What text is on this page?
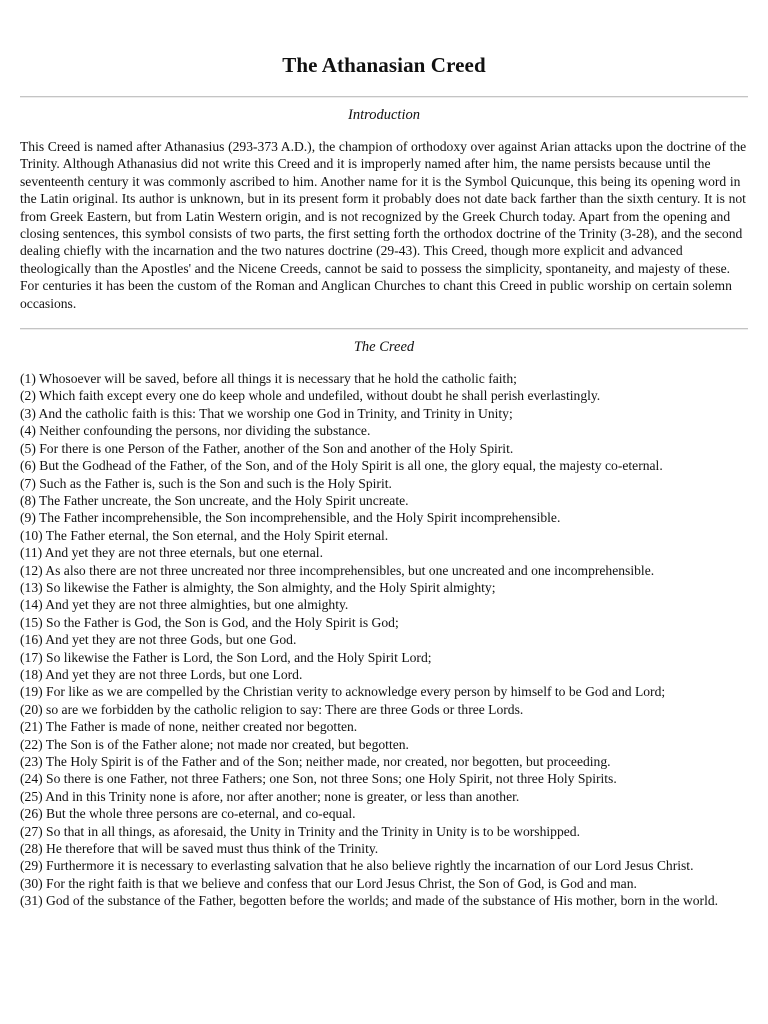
The Athanasian Creed
Introduction

This Creed is named after Athanasius (293-373 A.D.), the champion of orthodoxy over against Arian attacks upon the doctrine of the Trinity. Although Athanasius did not write this Creed and it is improperly named after him, the name persists because until the seventeenth century it was commonly ascribed to him. Another name for it is the Symbol Quicunque, this being its opening word in the Latin original. Its author is unknown, but in its present form it probably does not date back farther than the sixth century. It is not from Greek Eastern, but from Latin Western origin, and is not recognized by the Greek Church today. Apart from the opening and closing sentences, this symbol consists of two parts, the first setting forth the orthodox doctrine of the Trinity (3-28), and the second dealing chiefly with the incarnation and the two natures doctrine (29-43). This Creed, though more explicit and advanced theologically than the Apostles' and the Nicene Creeds, cannot be said to possess the simplicity, spontaneity, and majesty of these. For centuries it has been the custom of the Roman and Anglican Churches to chant this Creed in public worship on certain solemn occasions.

The Creed
(1) Whosoever will be saved, before all things it is necessary that he hold the catholic faith;
(2) Which faith except every one do keep whole and undefiled, without doubt he shall perish everlastingly.
(3) And the catholic faith is this: That we worship one God in Trinity, and Trinity in Unity;
(4) Neither confounding the persons, nor dividing the substance.
(5) For there is one Person of the Father, another of the Son and another of the Holy Spirit.
(6) But the Godhead of the Father, of the Son, and of the Holy Spirit is all one, the glory equal, the majesty co-eternal.
(7) Such as the Father is, such is the Son and such is the Holy Spirit.
(8) The Father uncreate, the Son uncreate, and the Holy Spirit uncreate.
(9) The Father incomprehensible, the Son incomprehensible, and the Holy Spirit incomprehensible.
(10) The Father eternal, the Son eternal, and the Holy Spirit eternal.
(11) And yet they are not three eternals, but one eternal.
(12) As also there are not three uncreated nor three incomprehensibles, but one uncreated and one incomprehensible.
(13) So likewise the Father is almighty, the Son almighty, and the Holy Spirit almighty;
(14) And yet they are not three almighties, but one almighty.
(15) So the Father is God, the Son is God, and the Holy Spirit is God;
(16) And yet they are not three Gods, but one God.
(17) So likewise the Father is Lord, the Son Lord, and the Holy Spirit Lord;
(18) And yet they are not three Lords, but one Lord.
(19) For like as we are compelled by the Christian verity to acknowledge every person by himself to be God and Lord;
(20) so are we forbidden by the catholic religion to say: There are three Gods or three Lords.
(21) The Father is made of none, neither created nor begotten.
(22) The Son is of the Father alone; not made nor created, but begotten.
(23) The Holy Spirit is of the Father and of the Son; neither made, nor created, nor begotten, but proceeding.
(24) So there is one Father, not three Fathers; one Son, not three Sons; one Holy Spirit, not three Holy Spirits.
(25) And in this Trinity none is afore, nor after another; none is greater, or less than another.
(26) But the whole three persons are co-eternal, and co-equal.
(27) So that in all things, as aforesaid, the Unity in Trinity and the Trinity in Unity is to be worshipped.
(28) He therefore that will be saved must thus think of the Trinity.
(29) Furthermore it is necessary to everlasting salvation that he also believe rightly the incarnation of our Lord Jesus Christ.
(30) For the right faith is that we believe and confess that our Lord Jesus Christ, the Son of God, is God and man.
(31) God of the substance of the Father, begotten before the worlds; and made of the substance of His mother, born in the world.
